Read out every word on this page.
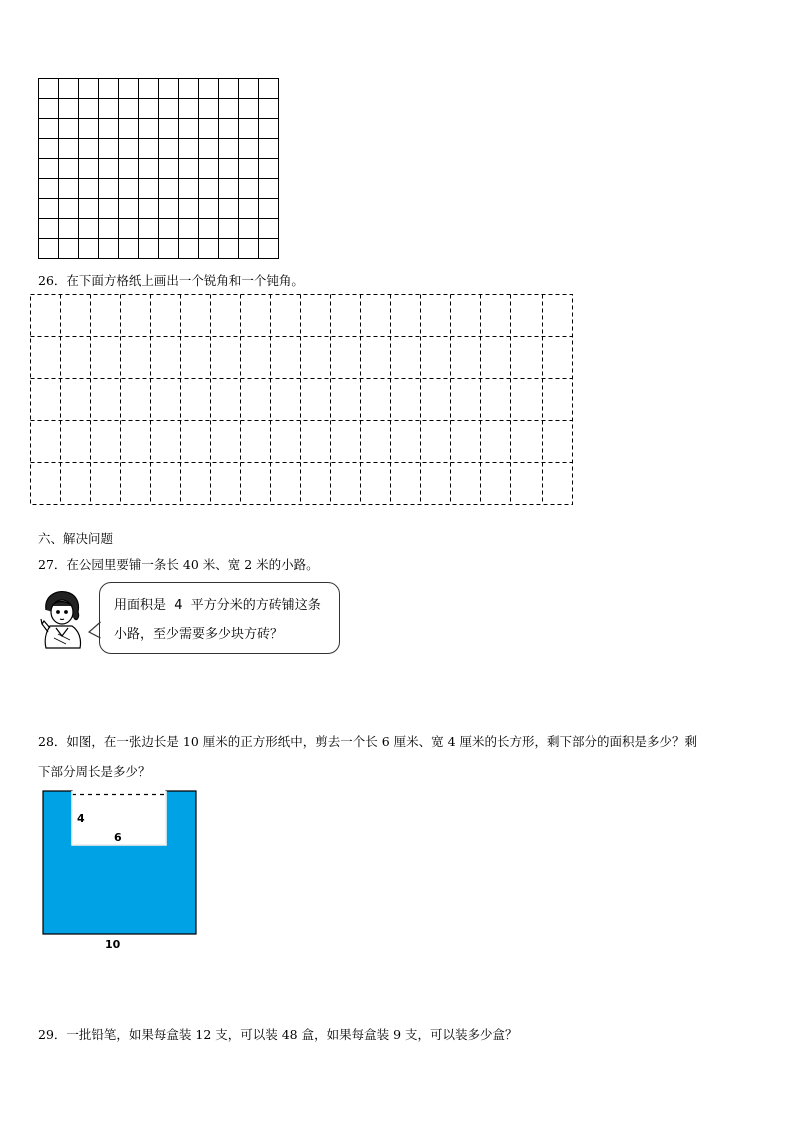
26．在下面方格纸上画出一个锐角和一个钝角。
六、解决问题
27．在公园里要铺一条长 40 米、宽 2 米的小路。
用面积是  4  平方分米的方砖铺这条
小路，至少需要多少块方砖？
28．如图，在一张边长是 10 厘米的正方形纸中，剪去一个长 6 厘米、宽 4 厘米的长方形，剩下部分的面积是多少？剩
下部分周长是多少？
4
6
10
29．一批铅笔，如果每盒装 12 支，可以装 48 盒，如果每盒装 9 支，可以装多少盒？
